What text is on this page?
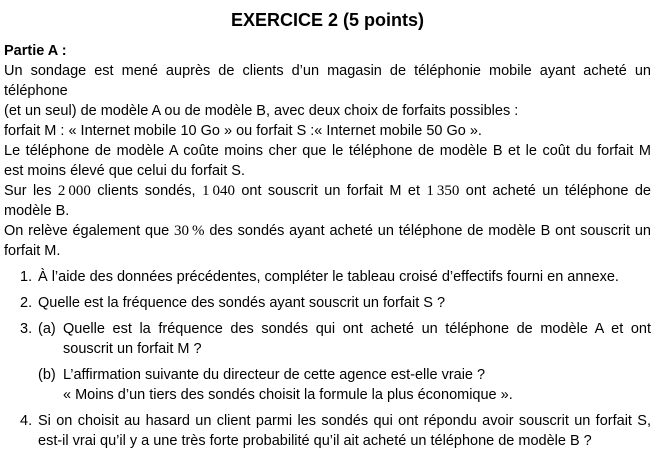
EXERCICE 2 (5 points)
Partie A :
Un sondage est mené auprès de clients d’un magasin de téléphonie mobile ayant acheté un téléphone
(et un seul) de modèle A ou de modèle B, avec deux choix de forfaits possibles :
forfait M : « Internet mobile 10 Go » ou forfait S :« Internet mobile 50 Go ».
Le téléphone de modèle A coûte moins cher que le téléphone de modèle B et le coût du forfait M
est moins élevé que celui du forfait S.
Sur les 2 000 clients sondés, 1 040 ont souscrit un forfait M et 1 350 ont acheté un téléphone de
modèle B.
On relève également que 30 % des sondés ayant acheté un téléphone de modèle B ont souscrit un
forfait M.
1. À l’aide des données précédentes, compléter le tableau croisé d’effectifs fourni en annexe.
2. Quelle est la fréquence des sondés ayant souscrit un forfait S ?
3. (a) Quelle est la fréquence des sondés qui ont acheté un téléphone de modèle A et ont
souscrit un forfait M ?
(b) L’affirmation suivante du directeur de cette agence est-elle vraie ?
« Moins d’un tiers des sondés choisit la formule la plus économique ».
4. Si on choisit au hasard un client parmi les sondés qui ont répondu avoir souscrit un forfait S,
est-il vrai qu’il y a une très forte probabilité qu’il ait acheté un téléphone de modèle B ?
